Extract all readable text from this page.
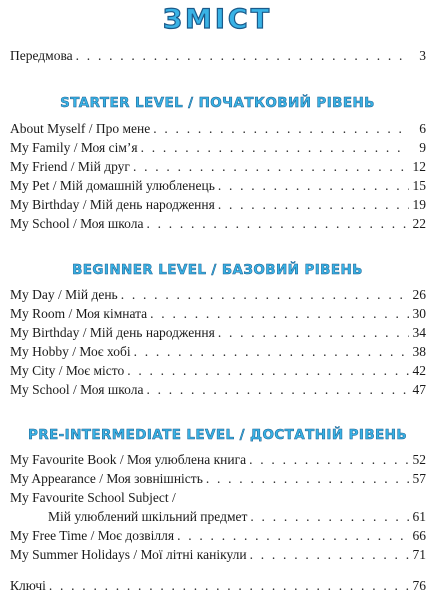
ЗМІСТ
Передмова . . .	3
STARTER LEVEL / ПОЧАТКОВИЙ РІВЕНЬ
About Myself / Про мене . . .	6
My Family / Моя сім’я . . .	9
My Friend / Мій друг . . .	12
My Pet / Мій домашній улюбленець . . .	15
My Birthday / Мій день народження . . .	19
My School / Моя школа . . .	22
BEGINNER LEVEL / БАЗОВИЙ РІВЕНЬ
My Day / Мій день . . .	26
My Room / Моя кімната . . .	30
My Birthday / Мій день народження . . .	34
My Hobby / Моє хобі . . .	38
My City / Моє місто . . .	42
My School / Моя школа . . .	47
PRE-INTERMEDIATE LEVEL / ДОСТАТНІЙ РІВЕНЬ
My Favourite Book / Моя улюблена книга . . .	52
My Appearance / Моя зовнішність . . .	57
My Favourite School Subject /
Мій улюблений шкільний предмет . . .	61
My Free Time / Моє дозвілля . . .	66
My Summer Holidays / Мої літні канікули . . .	71
Ключі . . .	76
